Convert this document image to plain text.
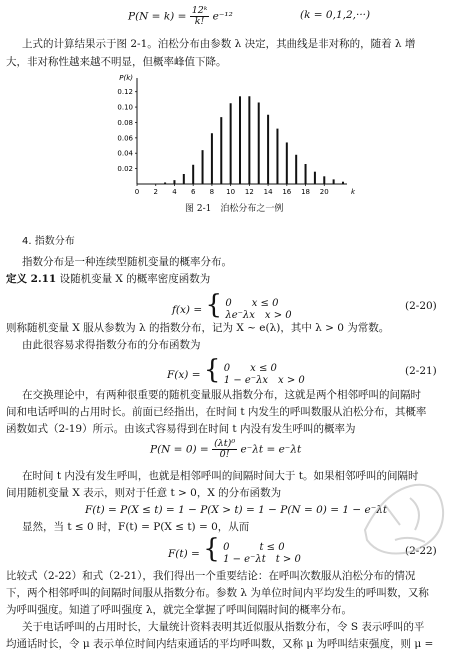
$P(N = k) = \frac{\text{12ᵏ}}{k!} e^{-12}$	(k = 0,1,2,···)
上式的计算结果示于图 2-1。泊松分布由参数 λ 决定，其曲线是非对称的，随着 λ 增
大，非对称性越来越不明显，但概率峰值下降。
P(k)
k
0.02
0.04
0.06
0.08
0.10
0.12
0 2 4 6 8 10 12 14 16 18 20
图 2-1　泊松分布之一例
4. 指数分布
指数分布是一种连续型随机变量的概率分布。
定义 2.11 设随机变量 X 的概率密度函数为
f(x) = { 0　　x ≤ 0
λe⁻λx　x > 0
(2-20)
则称随机变量 X 服从参数为 λ 的指数分布，记为 X ~ e(λ)，其中 λ > 0 为常数。
由此很容易求得指数分布的分布函数为
F(x) = { 0　　x ≤ 0
1 − e⁻λx　x > 0
(2-21)
在交换理论中，有两种很重要的随机变量服从指数分布，这就是两个相邻呼叫的间隔时
间和电话呼叫的占用时长。前面已经指出，在时间 t 内发生的呼叫数服从泊松分布，其概率
函数如式（2-19）所示。由该式容易得到在时间 t 内没有发生呼叫的概率为
$P(N = 0) = \frac{\text{(λt)⁰}}{0!} e^-\lambda t = e^-\lambda t$
在时间 t 内没有发生呼叫，也就是相邻呼叫的间隔时间大于 t。如果相邻呼叫的间隔时
间用随机变量 X 表示，则对于任意 t > 0，X 的分布函数为
F(t) = P(X ≤ t) = 1 − P(X > t) = 1 − P(N = 0) = 1 − e⁻λt
显然，当 t ≤ 0 时，F(t) = P(X ≤ t) = 0，从而
F(t) = { 0　　　t ≤ 0
1 − e⁻λt　t > 0
(2-22)
比较式（2-22）和式（2-21），我们得出一个重要结论：在呼叫次数服从泊松分布的情况
下，两个相邻呼叫的间隔时间服从指数分布。参数 λ 为单位时间内平均发生的呼叫数，又称
为呼叫强度。知道了呼叫强度 λ，就完全掌握了呼叫间隔时间的概率分布。
关于电话呼叫的占用时长，大量统计资料表明其近似服从指数分布，令 S 表示呼叫的平
均通话时长，令 μ 表示单位时间内结束通话的平均呼叫数，又称 μ 为呼叫结束强度，则 μ =
